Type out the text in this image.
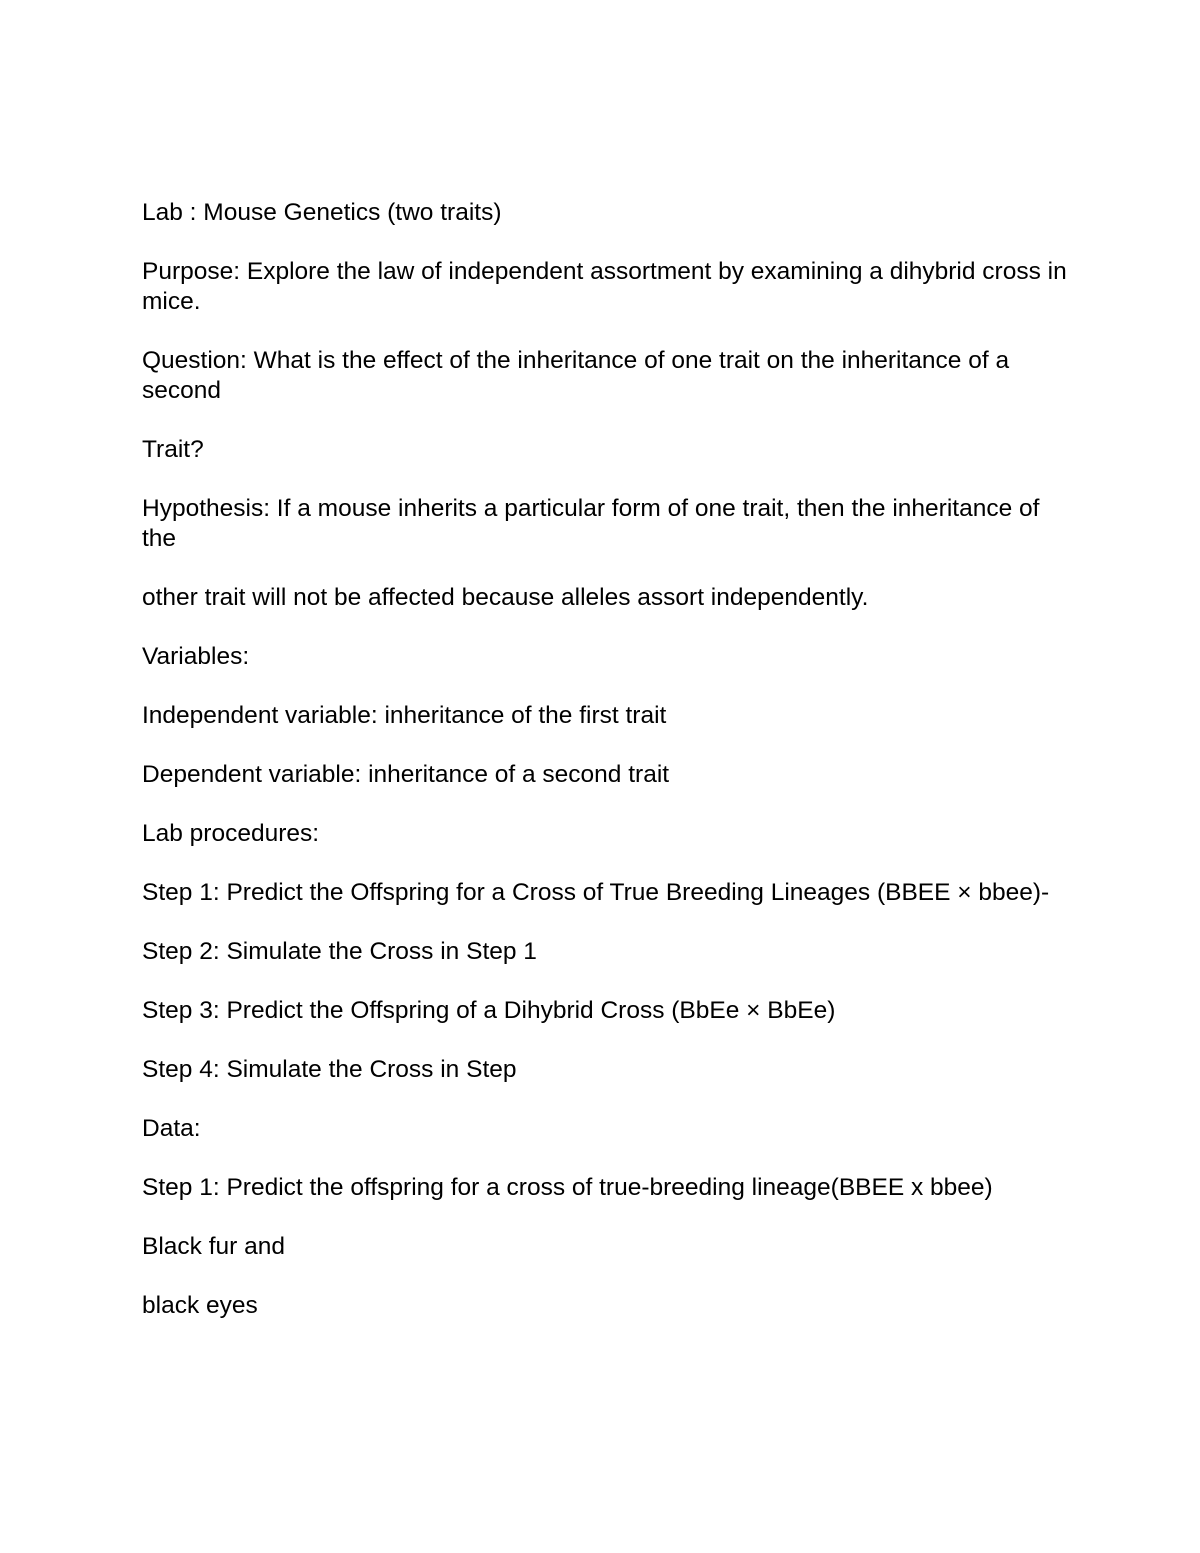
Lab : Mouse Genetics (two traits)

Purpose: Explore the law of independent assortment by examining a dihybrid cross in mice.

Question: What is the effect of the inheritance of one trait on the inheritance of a second

Trait?

Hypothesis: If a mouse inherits a particular form of one trait, then the inheritance of the

other trait will not be affected because alleles assort independently.

Variables:

Independent variable: inheritance of the first trait

Dependent variable: inheritance of a second trait

Lab procedures:

Step 1: Predict the Offspring for a Cross of True Breeding Lineages (BBEE × bbee)-

Step 2: Simulate the Cross in Step 1

Step 3: Predict the Offspring of a Dihybrid Cross (BbEe × BbEe)

Step 4: Simulate the Cross in Step

Data:

Step 1: Predict the offspring for a cross of true-breeding lineage(BBEE x bbee)

Black fur and

black eyes
